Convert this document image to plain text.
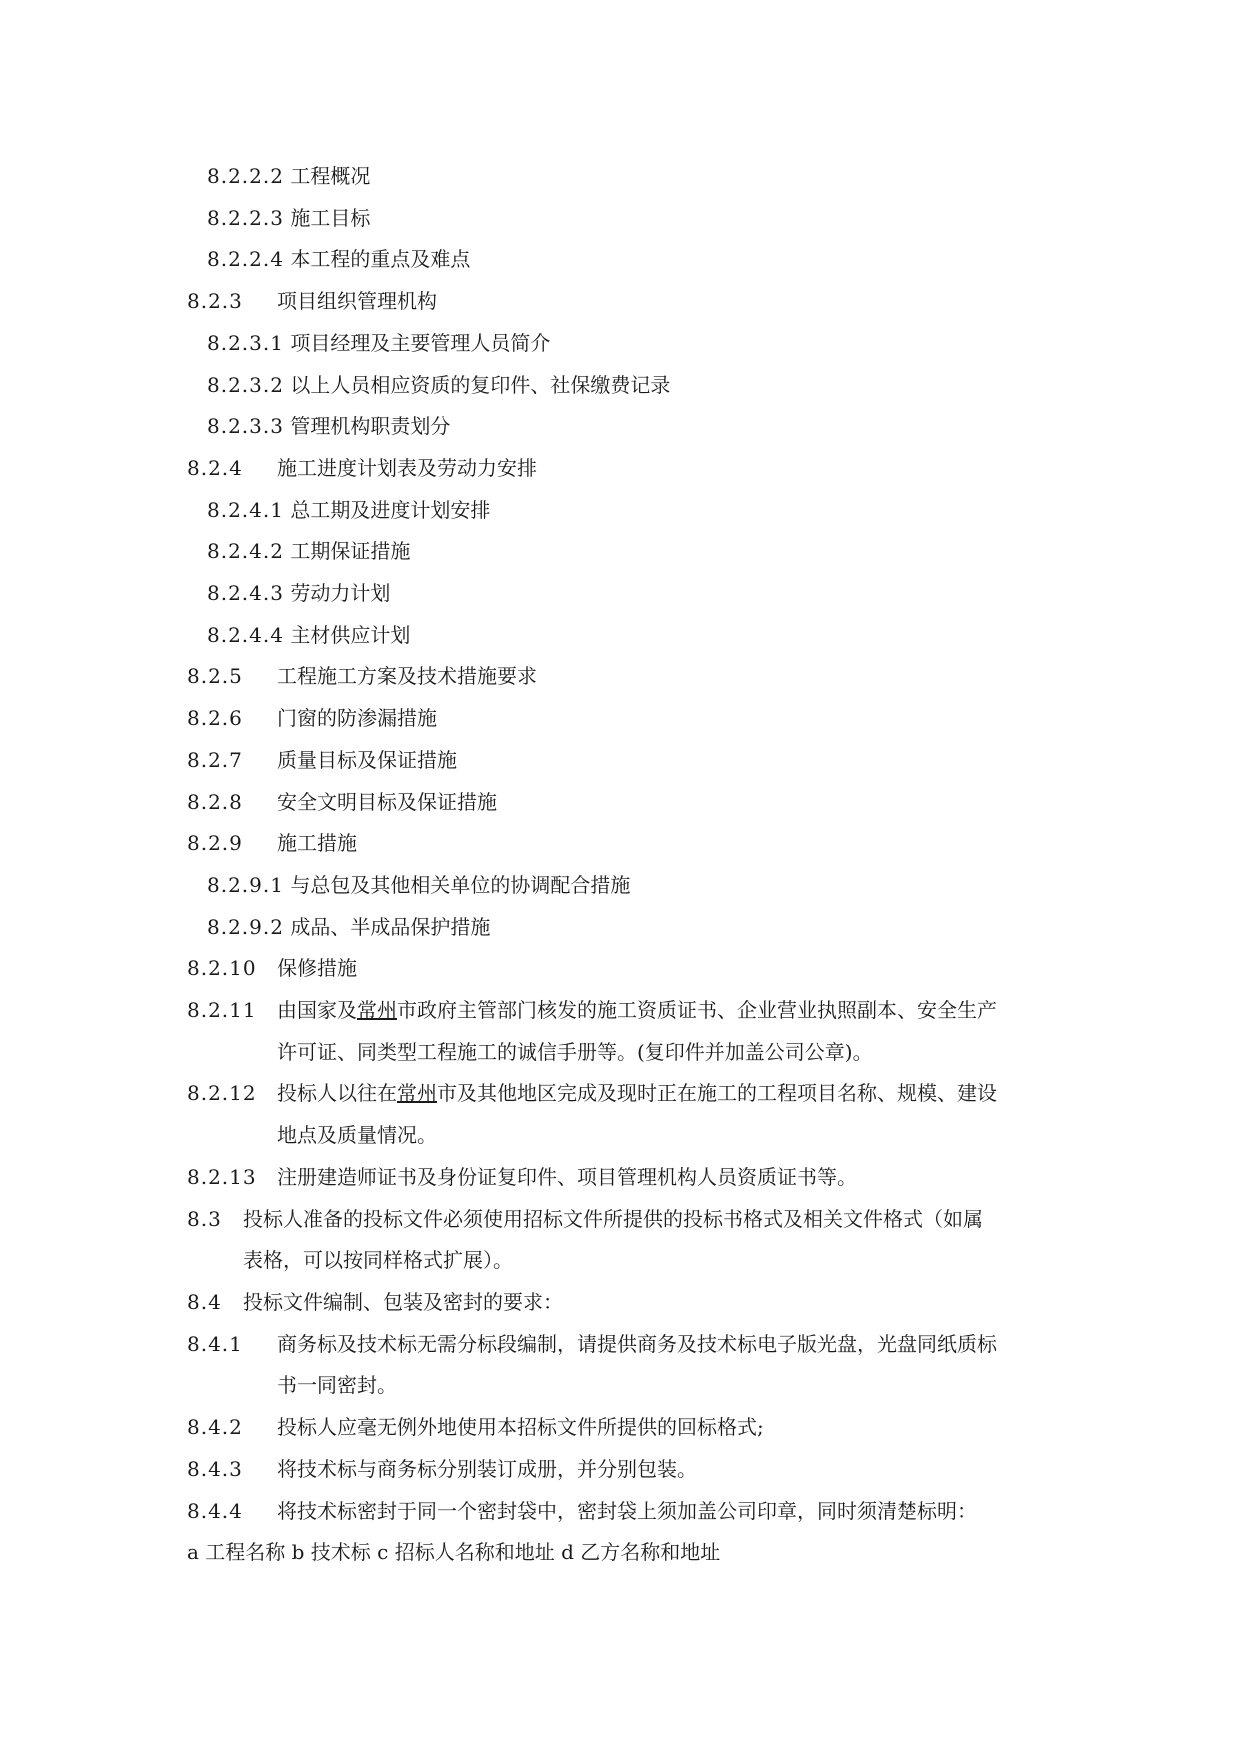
8.2.2.2 工程概况
8.2.2.3 施工目标
8.2.2.4 本工程的重点及难点
8.2.3 项目组织管理机构
8.2.3.1 项目经理及主要管理人员简介
8.2.3.2 以上人员相应资质的复印件、社保缴费记录
8.2.3.3 管理机构职责划分
8.2.4 施工进度计划表及劳动力安排
8.2.4.1 总工期及进度计划安排
8.2.4.2 工期保证措施
8.2.4.3 劳动力计划
8.2.4.4 主材供应计划
8.2.5 工程施工方案及技术措施要求
8.2.6 门窗的防渗漏措施
8.2.7 质量目标及保证措施
8.2.8 安全文明目标及保证措施
8.2.9 施工措施
8.2.9.1 与总包及其他相关单位的协调配合措施
8.2.9.2 成品、半成品保护措施
8.2.10 保修措施
8.2.11 由国家及常州市政府主管部门核发的施工资质证书、企业营业执照副本、安全生产
许可证、同类型工程施工的诚信手册等。(复印件并加盖公司公章)。
8.2.12 投标人以往在常州市及其他地区完成及现时正在施工的工程项目名称、规模、建设
地点及质量情况。
8.2.13 注册建造师证书及身份证复印件、项目管理机构人员资质证书等。
8.3 投标人准备的投标文件必须使用招标文件所提供的投标书格式及相关文件格式（如属
表格，可以按同样格式扩展）。
8.4 投标文件编制、包装及密封的要求：
8.4.1 商务标及技术标无需分标段编制，请提供商务及技术标电子版光盘，光盘同纸质标
书一同密封。
8.4.2 投标人应毫无例外地使用本招标文件所提供的回标格式;
8.4.3 将技术标与商务标分别装订成册，并分别包装。
8.4.4 将技术标密封于同一个密封袋中，密封袋上须加盖公司印章，同时须清楚标明：
a 工程名称 b 技术标 c 招标人名称和地址 d 乙方名称和地址
